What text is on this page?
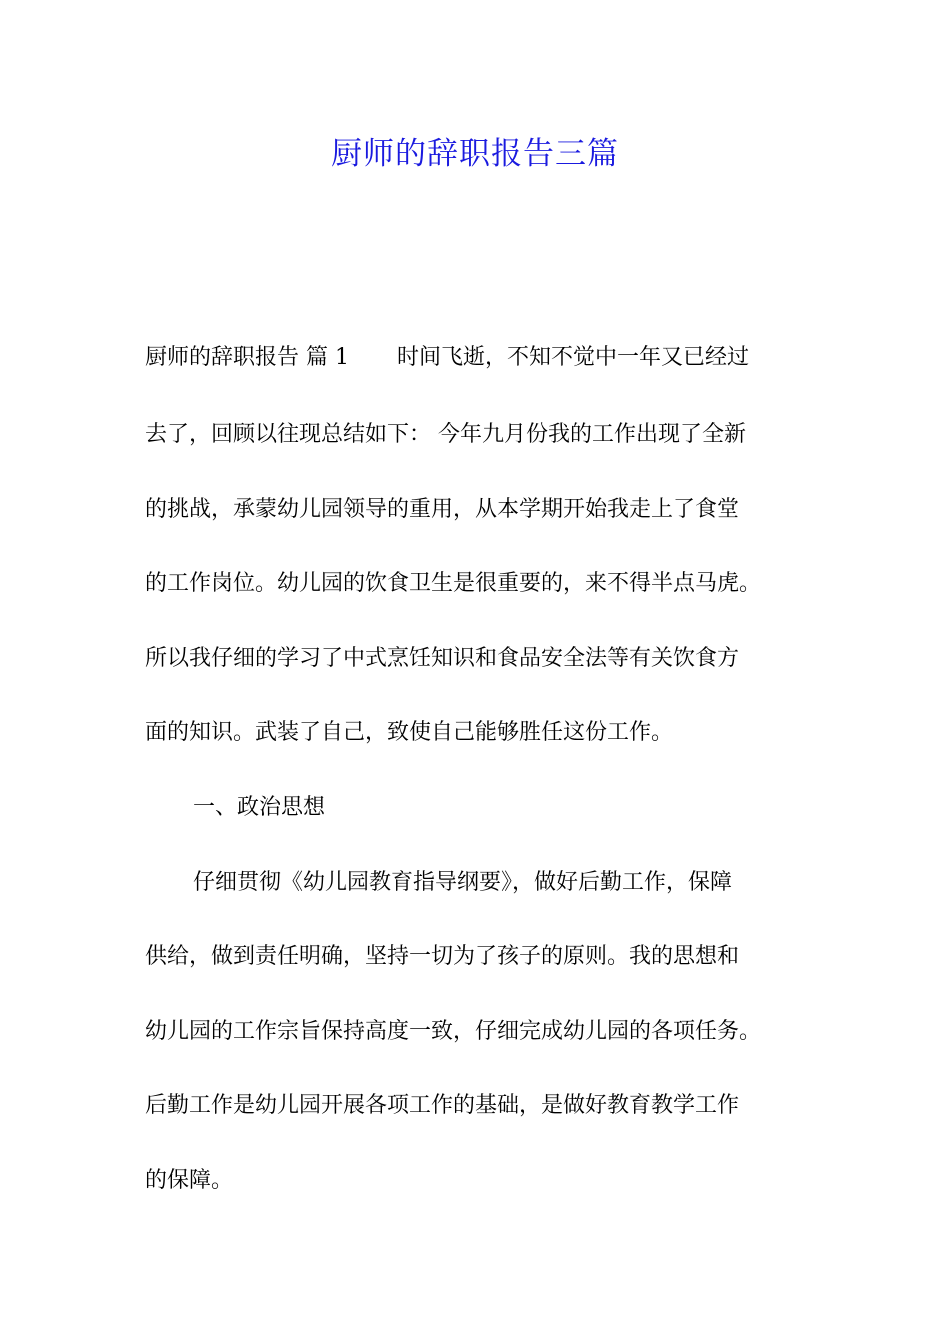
厨师的辞职报告三篇
厨师的辞职报告 篇 1 时间飞逝，不知不觉中一年又已经过
去了，回顾以往现总结如下： 今年九月份我的工作出现了全新
的挑战，承蒙幼儿园领导的重用，从本学期开始我走上了食堂
的工作岗位。幼儿园的饮食卫生是很重要的，来不得半点马虎。
所以我仔细的学习了中式烹饪知识和食品安全法等有关饮食方
面的知识。武装了自己，致使自己能够胜任这份工作。
一、政治思想
仔细贯彻《幼儿园教育指导纲要》，做好后勤工作，保障
供给，做到责任明确，坚持一切为了孩子的原则。我的思想和
幼儿园的工作宗旨保持高度一致，仔细完成幼儿园的各项任务。
后勤工作是幼儿园开展各项工作的基础，是做好教育教学工作
的保障。
